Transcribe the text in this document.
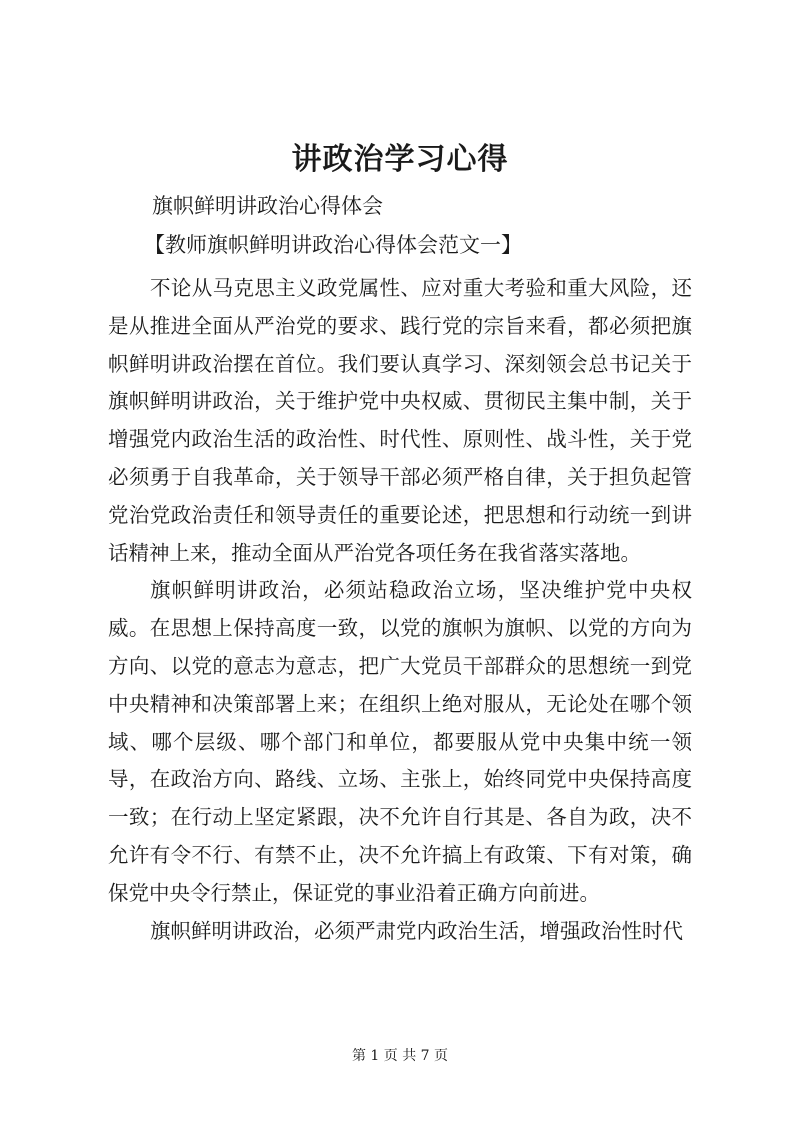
讲政治学习心得
旗帜鲜明讲政治心得体会
【教师旗帜鲜明讲政治心得体会范文一】

不论从马克思主义政党属性、应对重大考验和重大风险，还是从推进全面从严治党的要求、践行党的宗旨来看，都必须把旗帜鲜明讲政治摆在首位。我们要认真学习、深刻领会总书记关于旗帜鲜明讲政治，关于维护党中央权威、贯彻民主集中制，关于增强党内政治生活的政治性、时代性、原则性、战斗性，关于党必须勇于自我革命，关于领导干部必须严格自律，关于担负起管党治党政治责任和领导责任的重要论述，把思想和行动统一到讲话精神上来，推动全面从严治党各项任务在我省落实落地。

旗帜鲜明讲政治，必须站稳政治立场，坚决维护党中央权威。在思想上保持高度一致，以党的旗帜为旗帜、以党的方向为方向、以党的意志为意志，把广大党员干部群众的思想统一到党中央精神和决策部署上来；在组织上绝对服从，无论处在哪个领域、哪个层级、哪个部门和单位，都要服从党中央集中统一领导，在政治方向、路线、立场、主张上，始终同党中央保持高度一致；在行动上坚定紧跟，决不允许自行其是、各自为政，决不允许有令不行、有禁不止，决不允许搞上有政策、下有对策，确保党中央令行禁止，保证党的事业沿着正确方向前进。

旗帜鲜明讲政治，必须严肃党内政治生活，增强政治性时代

第 1 页 共 7 页
